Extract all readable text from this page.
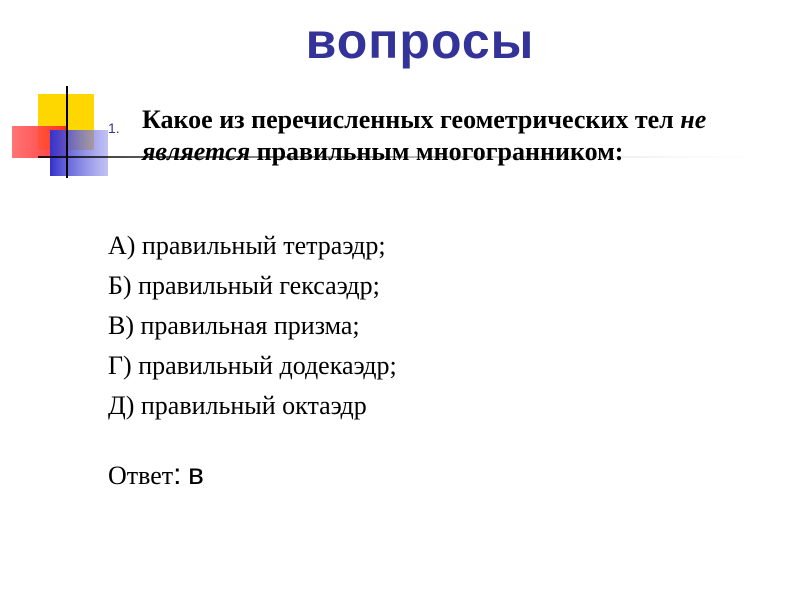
вопросы
1. Какое из перечисленных геометрических тел не является правильным многогранником:
А) правильный тетраэдр;
Б) правильный гексаэдр;
В) правильная призма;
Г) правильный додекаэдр;
Д) правильный октаэдр
Ответ: в
